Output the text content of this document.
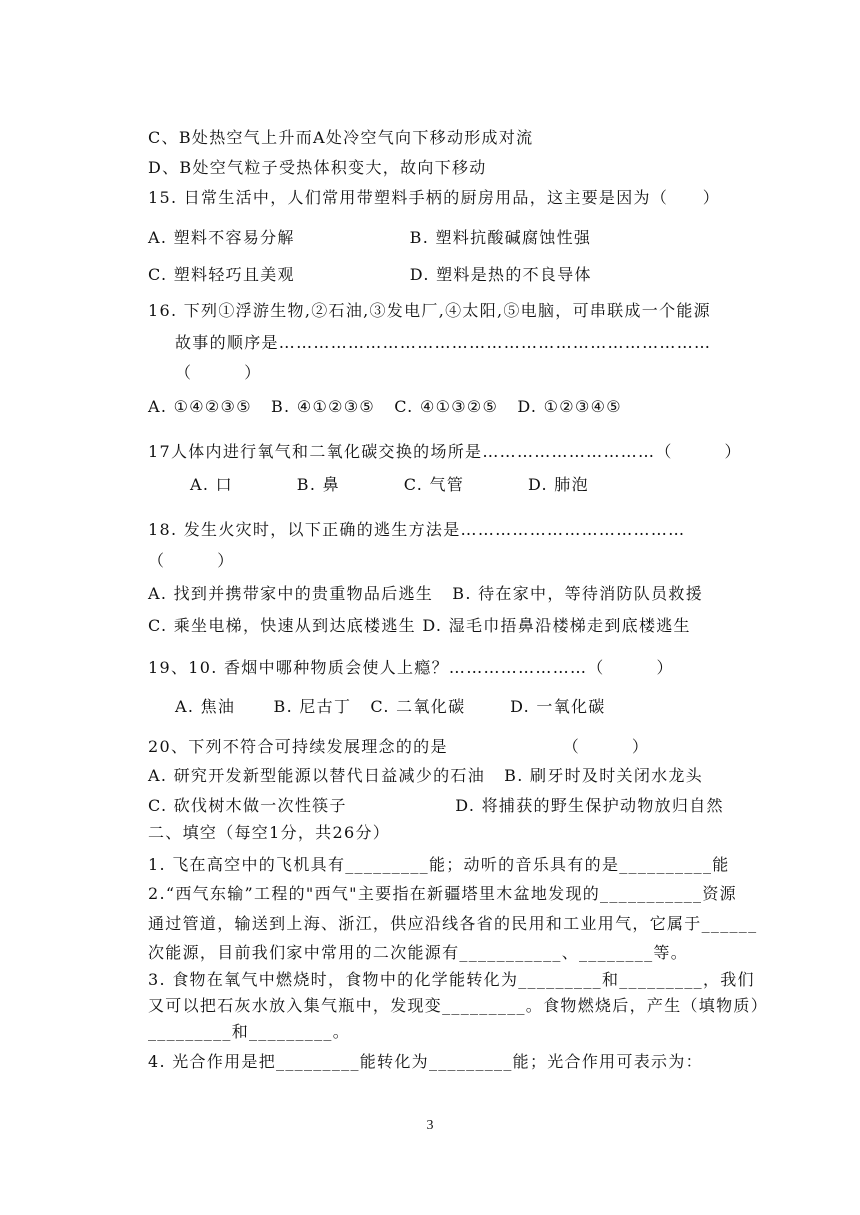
C、B处热空气上升而A处冷空气向下移动形成对流
D、B处空气粒子受热体积变大，故向下移动
15. 日常生活中，人们常用带塑料手柄的厨房用品，这主要是因为（　　）
A. 塑料不容易分解                  B. 塑料抗酸碱腐蚀性强
C. 塑料轻巧且美观                  D. 塑料是热的不良导体
16. 下列①浮游生物,②石油,③发电厂,④太阳,⑤电脑，可串联成一个能源
故事的顺序是…………………………………………………………………
（　　　）
A. ①④②③⑤   B. ④①②③⑤   C. ④①③②⑤   D. ①②③④⑤
17人体内进行氧气和二氧化碳交换的场所是…………………………（　　　）
A. 口          B. 鼻          C. 气管          D. 肺泡
18. 发生火灾时，以下正确的逃生方法是…………………………………
（　　　）
A. 找到并携带家中的贵重物品后逃生   B. 待在家中，等待消防队员救援
C. 乘坐电梯，快速从到达底楼逃生 D. 湿毛巾捂鼻沿楼梯走到底楼逃生
19、10. 香烟中哪种物质会使人上瘾？……………………（　　　）
A. 焦油      B. 尼古丁   C. 二氧化碳       D. 一氧化碳
20、下列不符合可持续发展理念的的是                  （　　　）
A. 研究开发新型能源以替代日益减少的石油   B. 刷牙时及时关闭水龙头
C. 砍伐树木做一次性筷子                 D. 将捕获的野生保护动物放归自然
二、填空（每空1分，共26分）
1. 飞在高空中的飞机具有_________能；动听的音乐具有的是__________能
2.“西气东输”工程的"西气"主要指在新疆塔里木盆地发现的___________资源
通过管道，输送到上海、浙江，供应沿线各省的民用和工业用气，它属于______
次能源，目前我们家中常用的二次能源有___________、________等。
3. 食物在氧气中燃烧时，食物中的化学能转化为_________和_________，我们
又可以把石灰水放入集气瓶中，发现变_________。食物燃烧后，产生（填物质）
_________和_________。
4. 光合作用是把_________能转化为_________能；光合作用可表示为：
3
